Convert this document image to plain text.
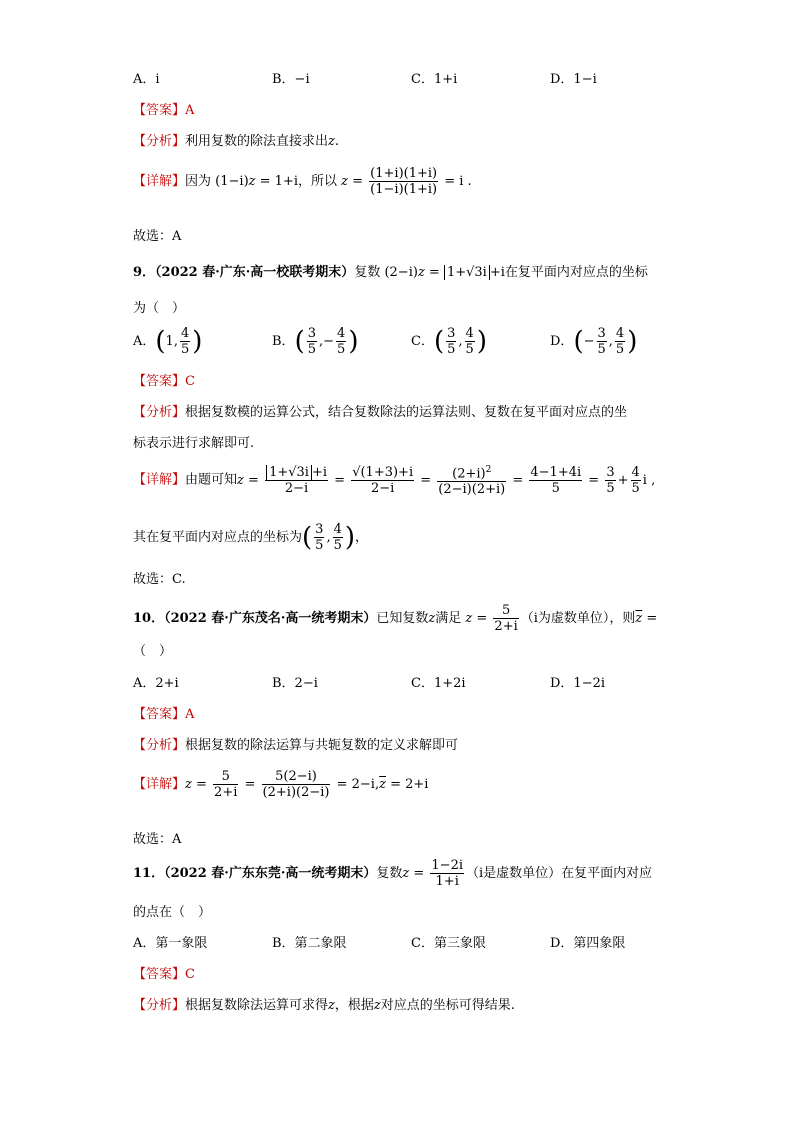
A．i	B．−i	C．1+i	D．1−i
【答案】A
【分析】利用复数的除法直接求出z.
【详解】因为 (1−i)z = 1+i，所以 $z = \frac{(1+i)(1+i)}{(1-i)(1+i)} = i$ .
故选：A
9．（2022 春·广东·高一校联考期末）复数 (2−i)z = 1+√3i +i在复平面内对应点的坐标
为（　）
A．(1, $\frac{4}{5}$ )	B．( $\frac{3}{5}$ ,− $\frac{4}{5}$ )	C．( $\frac{3}{5}$ , $\frac{4}{5}$ )	D．(− $\frac{3}{5}$ , $\frac{4}{5}$ )
【答案】C
【分析】根据复数模的运算公式，结合复数除法的运算法则、复数在复平面对应点的坐
标表示进行求解即可.
【详解】由题可知$z = \frac{1+√3i +i}{2-i} = \frac{√(1+3)+i}{2-i} = \frac{(2+i)^2}{(2-i)(2+i)} = \frac{4-1+4i}{5} = \frac{3}{5} + \frac{4}{5}$ i ,
其在复平面内对应点的坐标为( $\frac{3}{5}$ , $\frac{4}{5}$ )，
故选：C.
10．（2022 春·广东茂名·高一统考期末）已知复数z满足 $z = \frac{5}{2+i} (i$为虚数单位），则$\overline{z}$ =
（　）
A．2+i	B．2−i	C．1+2i	D．1−2i
【答案】A
【分析】根据复数的除法运算与共轭复数的定义求解即可
【详解】$z = \frac{5}{2+i} = \frac{5(2-i)}{(2+i)(2-i)} = 2-i,\overline{z} = 2+i$
故选：A
11．（2022 春·广东东莞·高一统考期末）复数$z = \frac{1-2i}{1+i} (i$是虚数单位）在复平面内对应
的点在（　）
A．第一象限	B．第二象限	C．第三象限	D．第四象限
【答案】C
【分析】根据复数除法运算可求得z，根据z对应点的坐标可得结果.
